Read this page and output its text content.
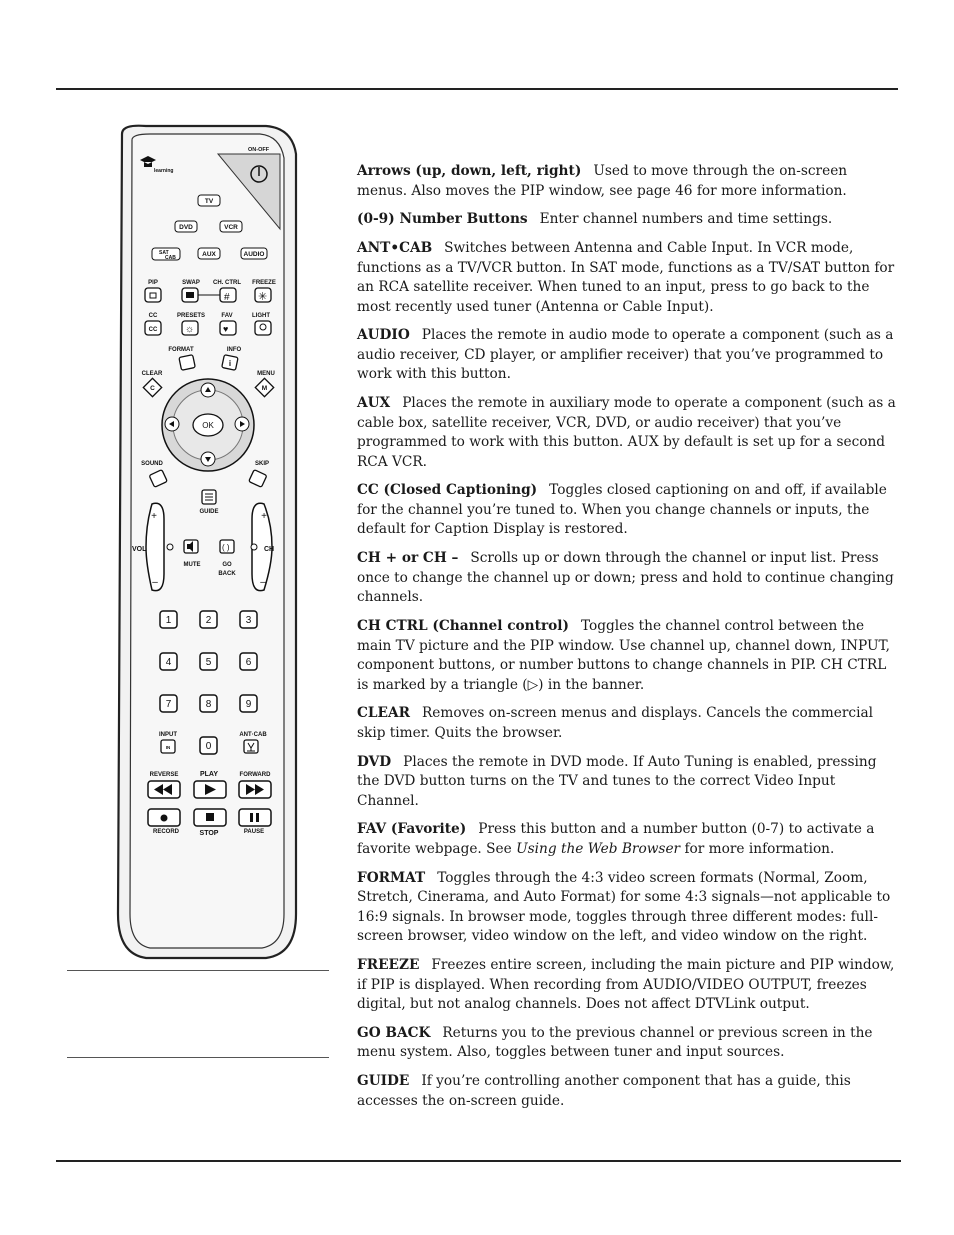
ON-OFF
learning
TV
DVD	VCR
SAT
CAB	AUX	AUDIO
PIP	SWAP CH. CTRL FREEZE
#	✳
CC	PRESETS	FAV	LIGHT
CC	☼	♥
FORMAT	INFO
i
CLEAR	MENU
C	M
OK
SOUND	SKIP
GUIDE
+
–
VOL
+
–
CH
( )
MUTE	GO
BACK
1	2	3
4	5	6
7	8	9
0
INPUT	ANT·CAB
IN
REVERSE	PLAY	FORWARD
RECORD	STOP	PAUSE

Arrows (up, down, left, right) Used to move through the on-screen menus. Also moves the PIP window, see page 46 for more information.

(0-9) Number Buttons Enter channel numbers and time settings.

ANT•CAB Switches between Antenna and Cable Input. In VCR mode, functions as a TV/VCR button. In SAT mode, functions as a TV/SAT button for an RCA satellite receiver. When tuned to an input, press to go back to the most recently used tuner (Antenna or Cable Input).

AUDIO Places the remote in audio mode to operate a component (such as a audio receiver, CD player, or amplifier receiver) that you’ve programmed to work with this button.

AUX Places the remote in auxiliary mode to operate a component (such as a cable box, satellite receiver, VCR, DVD, or audio receiver) that you’ve programmed to work with this button. AUX by default is set up for a second RCA VCR.

CC (Closed Captioning) Toggles closed captioning on and off, if available for the channel you’re tuned to. When you change channels or inputs, the default for Caption Display is restored.

CH + or CH – Scrolls up or down through the channel or input list. Press once to change the channel up or down; press and hold to continue changing channels.

CH CTRL (Channel control) Toggles the channel control between the main TV picture and the PIP window. Use channel up, channel down, INPUT, component buttons, or number buttons to change channels in PIP. CH CTRL is marked by a triangle (▷) in the banner.

CLEAR Removes on-screen menus and displays. Cancels the commercial skip timer. Quits the browser.

DVD Places the remote in DVD mode. If Auto Tuning is enabled, pressing the DVD button turns on the TV and tunes to the correct Video Input Channel.

FAV (Favorite) Press this button and a number button (0-7) to activate a favorite webpage. See Using the Web Browser for more information.

FORMAT Toggles through the 4:3 video screen formats (Normal, Zoom, Stretch, Cinerama, and Auto Format) for some 4:3 signals—not applicable to 16:9 signals. In browser mode, toggles through three different modes: full-screen browser, video window on the left, and video window on the right.

FREEZE Freezes entire screen, including the main picture and PIP window, if PIP is displayed. When recording from AUDIO/VIDEO OUTPUT, freezes digital, but not analog channels. Does not affect DTVLink output.

GO BACK Returns you to the previous channel or previous screen in the menu system. Also, toggles between tuner and input sources.

GUIDE If you’re controlling another component that has a guide, this accesses the on-screen guide.
